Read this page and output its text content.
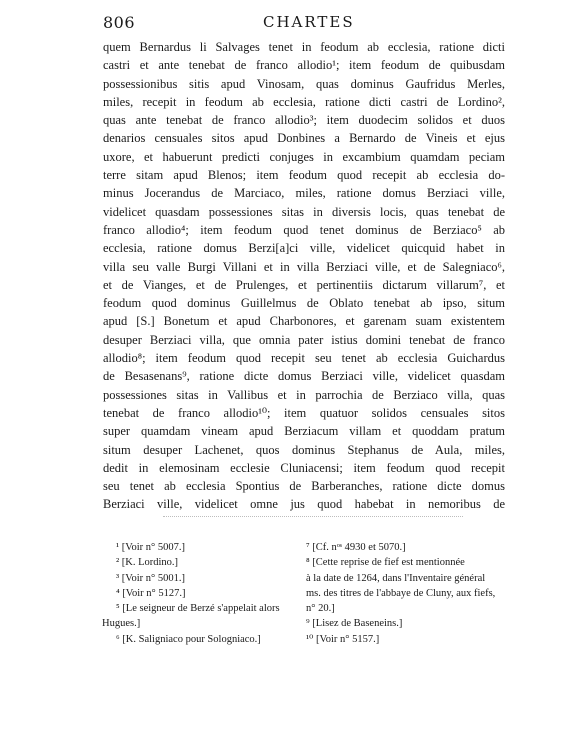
806	CHARTES
quem Bernardus li Salvages tenet in feodum ab ecclesia, ratione dicti
castri et ante tenebat de franco allodio¹; item feodum de quibusdam
possessionibus sitis apud Vinosam, quas dominus Gaufridus Merles,
miles, recepit in feodum ab ecclesia, ratione dicti castri de Lordino²,
quas ante tenebat de franco allodio³; item duodecim solidos et duos
denarios censuales sitos apud Donbines a Bernardo de Vineis et ejus
uxore, et habuerunt predicti conjuges in excambium quamdam peciam
terre sitam apud Blenos; item feodum quod recepit ab ecclesia do-
minus Jocerandus de Marciaco, miles, ratione domus Berziaci ville,
videlicet quasdam possessiones sitas in diversis locis, quas tenebat de
franco allodio⁴; item feodum quod tenet dominus de Berziaco⁵ ab
ecclesia, ratione domus Berzi[a]ci ville, videlicet quicquid habet in
villa seu valle Burgi Villani et in villa Berziaci ville, et de Salegniaco⁶,
et de Vianges, et de Prulenges, et pertinentiis dictarum villarum⁷, et
feodum quod dominus Guillelmus de Oblato tenebat ab ipso, situm
apud [S.] Bonetum et apud Charbonores, et garenam suam existentem
desuper Berziaci villa, que omnia pater istius domini tenebat de franco
allodio⁸; item feodum quod recepit seu tenet ab ecclesia Guichardus
de Besasenans⁹, ratione dicte domus Berziaci ville, videlicet quasdam
possessiones sitas in Vallibus et in parrochia de Berziaco villa, quas
tenebat de franco allodio¹⁰; item quatuor solidos censuales sitos
super quamdam vineam apud Berziacum villam et quoddam pratum
situm desuper Lachenet, quos dominus Stephanus de Aula, miles,
dedit in elemosinam ecclesie Cluniacensi; item feodum quod recepit
seu tenet ab ecclesia Spontius de Barberanches, ratione dicte domus
Berziaci ville, videlicet omne jus quod habebat in nemoribus de
¹ [Voir n° 5007.]
² [K. Lordino.]
³ [Voir n° 5001.]
⁴ [Voir n° 5127.]
⁵ [Le seigneur de Berzé s'appelait alors
Hugues.]
⁶ [K. Saligniaco pour Sologniaco.]
⁷ [Cf. nᵒˢ 4930 et 5070.]
⁸ [Cette reprise de fief est mentionnée
à la date de 1264, dans l'Inventaire général
ms. des titres de l'abbaye de Cluny, aux fiefs,
n° 20.]
⁹ [Lisez de Baseneins.]
¹⁰ [Voir n° 5157.]
